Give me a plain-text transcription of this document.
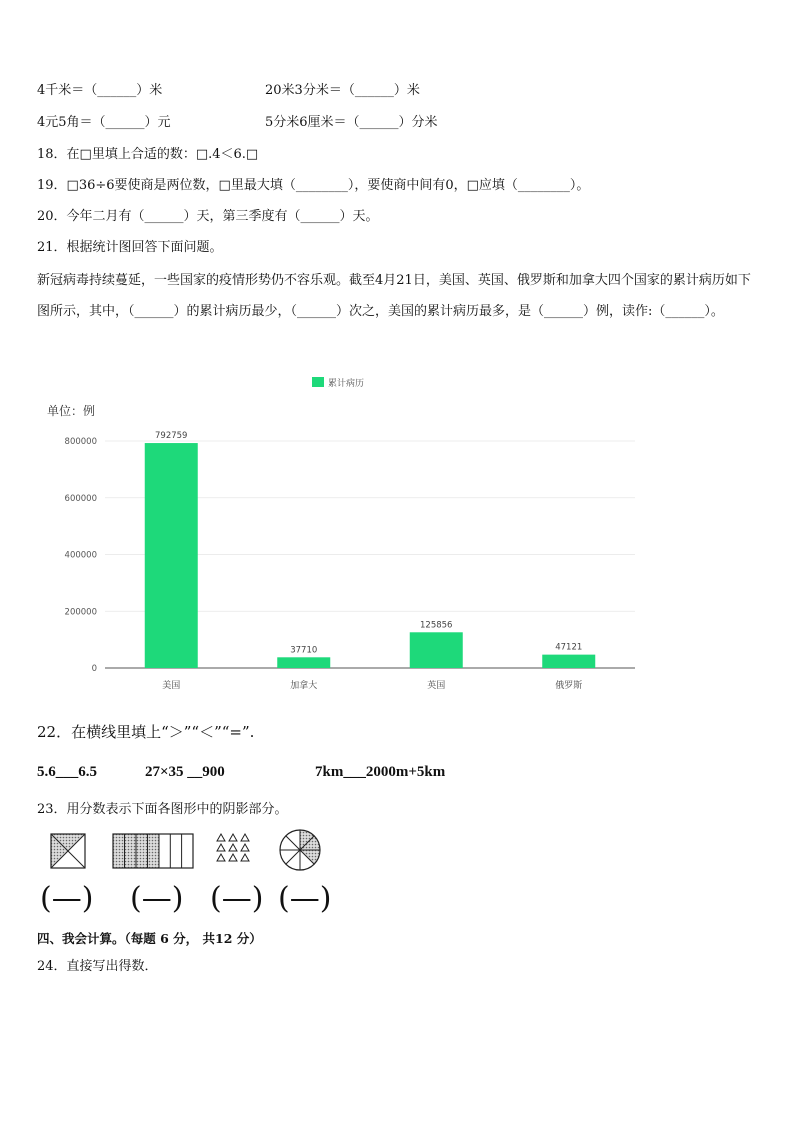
4千米＝（______）米	20米3分米＝（______）米
4元5角＝（______）元	5分米6厘米＝（______）分米
18．在□里填上合适的数：□.4＜6.□
19．□36÷6要使商是两位数，□里最大填（________），要使商中间有0，□应填（________）。
20．今年二月有（______）天，第三季度有（______）天。
21．根据统计图回答下面问题。
新冠病毒持续蔓延，一些国家的疫情形势仍不容乐观。截至4月21日，美国、英国、俄罗斯和加拿大四个国家的累计病历如下图所示，其中，（______）的累计病历最少，（______）次之，美国的累计病历最多，是（______）例，读作:（______）。
0
200000
400000
600000
800000
792759
37710
125856
47121
美国	加拿大	英国	俄罗斯
累计病历
单位：例
22．在横线里填上“＞”“＜”“=”.
5.6___6.5	27×35 __900	7km___2000m+5km
23．用分数表示下面各图形中的阴影部分。
(—) (—) (—) (—)
四、我会计算。（每题 6 分， 共12 分）
24．直接写出得数．
